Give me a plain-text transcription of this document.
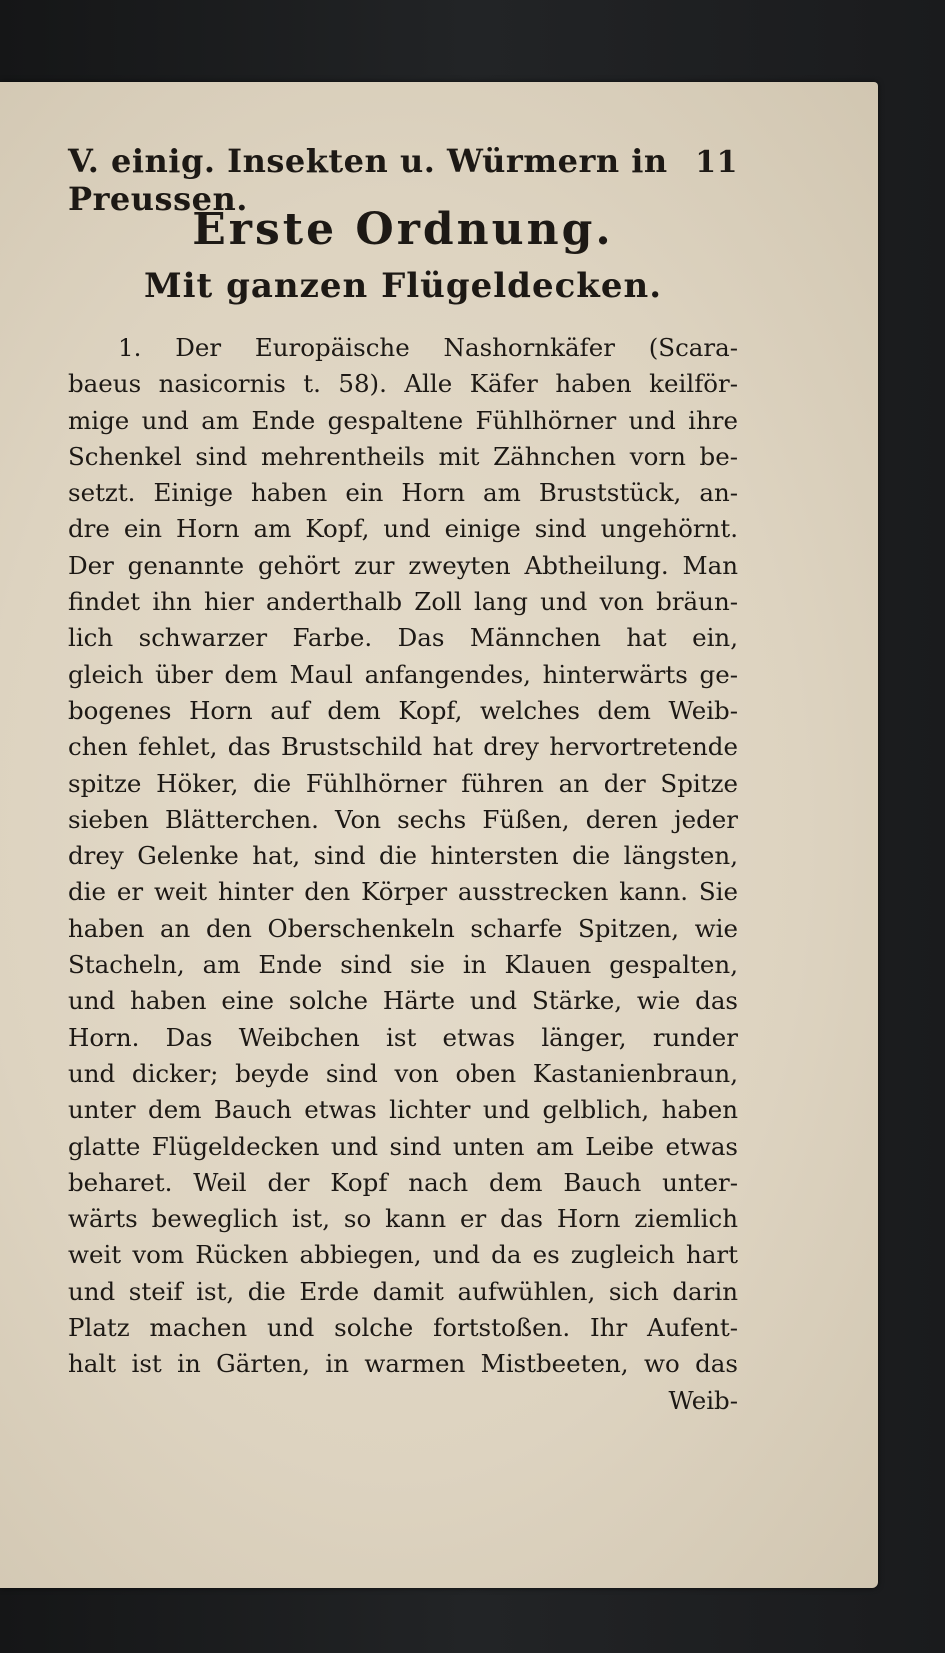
V. einig. Insekten u. Würmern in Preussen.
11
Erste Ordnung.
Mit ganzen Flügeldecken.
1. Der Europäische Nashornkäfer (Scara-
baeus nasicornis t. 58). Alle Käfer haben keilför-
mige und am Ende gespaltene Fühlhörner und ihre
Schenkel sind mehrentheils mit Zähnchen vorn be-
setzt. Einige haben ein Horn am Bruststück, an-
dre ein Horn am Kopf, und einige sind ungehörnt.
Der genannte gehört zur zweyten Abtheilung. Man
findet ihn hier anderthalb Zoll lang und von bräun-
lich schwarzer Farbe. Das Männchen hat ein,
gleich über dem Maul anfangendes, hinterwärts ge-
bogenes Horn auf dem Kopf, welches dem Weib-
chen fehlet, das Brustschild hat drey hervortretende
spitze Höker, die Fühlhörner führen an der Spitze
sieben Blätterchen. Von sechs Füßen, deren jeder
drey Gelenke hat, sind die hintersten die längsten,
die er weit hinter den Körper ausstrecken kann. Sie
haben an den Oberschenkeln scharfe Spitzen, wie
Stacheln, am Ende sind sie in Klauen gespalten,
und haben eine solche Härte und Stärke, wie das
Horn. Das Weibchen ist etwas länger, runder
und dicker; beyde sind von oben Kastanienbraun,
unter dem Bauch etwas lichter und gelblich, haben
glatte Flügeldecken und sind unten am Leibe etwas
beharet. Weil der Kopf nach dem Bauch unter-
wärts beweglich ist, so kann er das Horn ziemlich
weit vom Rücken abbiegen, und da es zugleich hart
und steif ist, die Erde damit aufwühlen, sich darin
Platz machen und solche fortstoßen. Ihr Aufent-
halt ist in Gärten, in warmen Mistbeeten, wo das
Weib-
